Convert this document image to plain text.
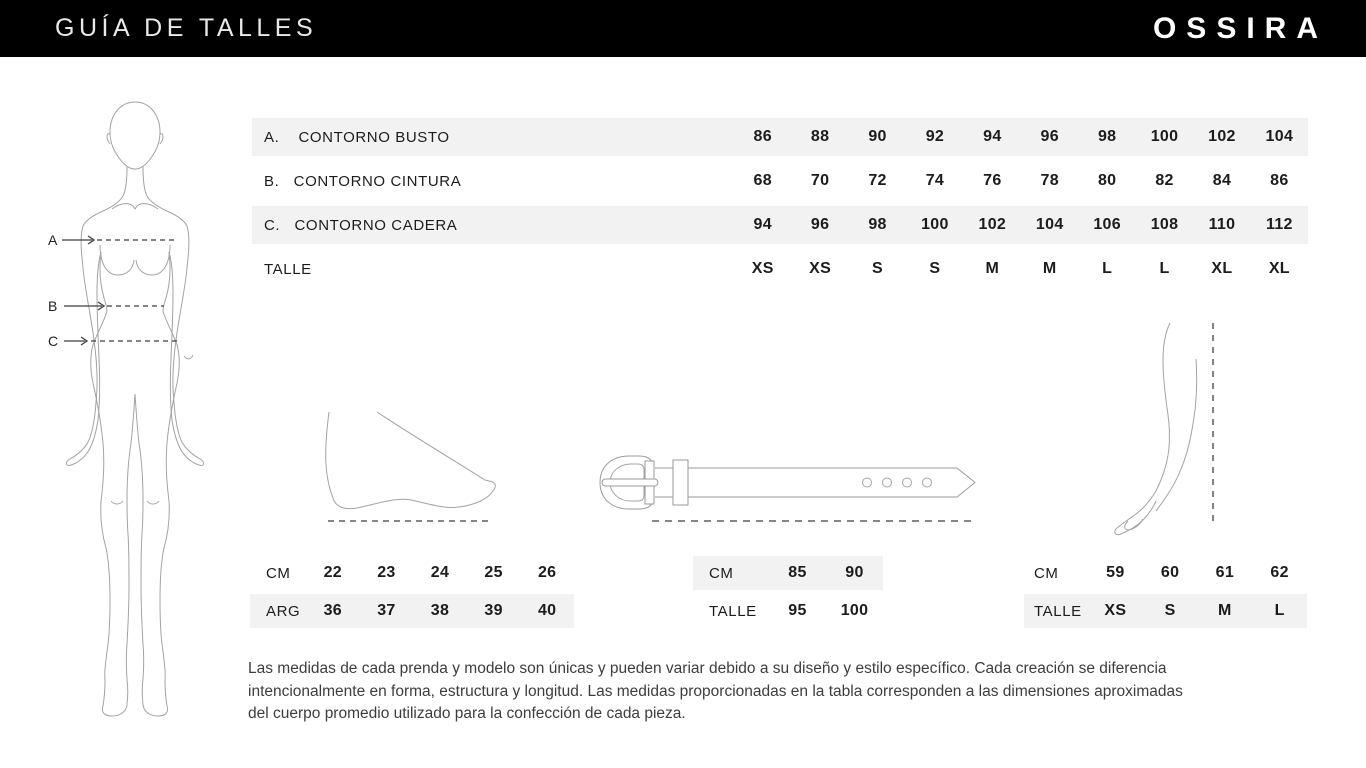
GUÍA DE TALLES	OSSIRA
A
B
C
A.    CONTORNO BUSTO	86	88	90	92	94	96	98	100	102	104
B.   CONTORNO CINTURA	68	70	72	74	76	78	80	82	84	86
C.   CONTORNO CADERA	94	96	98	100	102	104	106	108	110	112
TALLE	XS	XS	S	S	M	M	L	L	XL	XL
CM	22	23	24	25	26
ARG	36	37	38	39	40
CM	85	90
TALLE	95	100
CM	59	60	61	62
TALLE	XS	S	M	L
Las medidas de cada prenda y modelo son únicas y pueden variar debido a su diseño y estilo específico. Cada creación se diferencia
intencionalmente en forma, estructura y longitud. Las medidas proporcionadas en la tabla corresponden a las dimensiones aproximadas
del cuerpo promedio utilizado para la confección de cada pieza.
